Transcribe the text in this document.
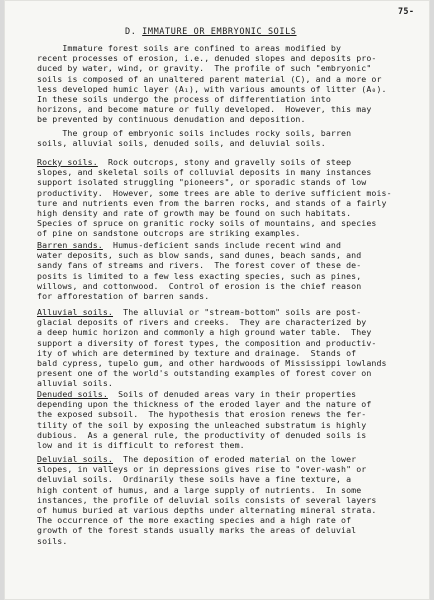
75-
D. IMMATURE OR EMBRYONIC SOILS
Immature forest soils are confined to areas modified by
recent processes of erosion, i.e., denuded slopes and deposits pro-
duced by water, wind, or gravity.  The profile of such "embryonic"
soils is composed of an unaltered parent material (C), and a more or
less developed humic layer (A₁), with various amounts of litter (A₀).
In these soils undergo the process of differentiation into
horizons, and become mature or fully developed.  However, this may
be prevented by continuous denudation and deposition.
The group of embryonic soils includes rocky soils, barren
soils, alluvial soils, denuded soils, and deluvial soils.
Rocky soils.  Rock outcrops, stony and gravelly soils of steep
slopes, and skeletal soils of colluvial deposits in many instances
support isolated struggling "pioneers", or sporadic stands of low
productivity.  However, some trees are able to derive sufficient mois-
ture and nutrients even from the barren rocks, and stands of a fairly
high density and rate of growth may be found on such habitats.
Species of spruce on granitic rocky soils of mountains, and species
of pine on sandstone outcrops are striking examples.
Barren sands.  Humus-deficient sands include recent wind and
water deposits, such as blow sands, sand dunes, beach sands, and
sandy fans of streams and rivers.  The forest cover of these de-
posits is limited to a few less exacting species, such as pines,
willows, and cottonwood.  Control of erosion is the chief reason
for afforestation of barren sands.
Alluvial soils.  The alluvial or "stream-bottom" soils are post-
glacial deposits of rivers and creeks.  They are characterized by
a deep humic horizon and commonly a high ground water table.  They
support a diversity of forest types, the composition and productiv-
ity of which are determined by texture and drainage.  Stands of
bald cypress, tupelo gum, and other hardwoods of Mississippi lowlands
present one of the world's outstanding examples of forest cover on
alluvial soils.
Denuded soils.  Soils of denuded areas vary in their properties
depending upon the thickness of the eroded layer and the nature of
the exposed subsoil.  The hypothesis that erosion renews the fer-
tility of the soil by exposing the unleached substratum is highly
dubious.  As a general rule, the productivity of denuded soils is
low and it is difficult to reforest them.
Deluvial soils.  The deposition of eroded material on the lower
slopes, in valleys or in depressions gives rise to "over-wash" or
deluvial soils.  Ordinarily these soils have a fine texture, a
high content of humus, and a large supply of nutrients.  In some
instances, the profile of deluvial soils consists of several layers
of humus buried at various depths under alternating mineral strata.
The occurrence of the more exacting species and a high rate of
growth of the forest stands usually marks the areas of deluvial
soils.
